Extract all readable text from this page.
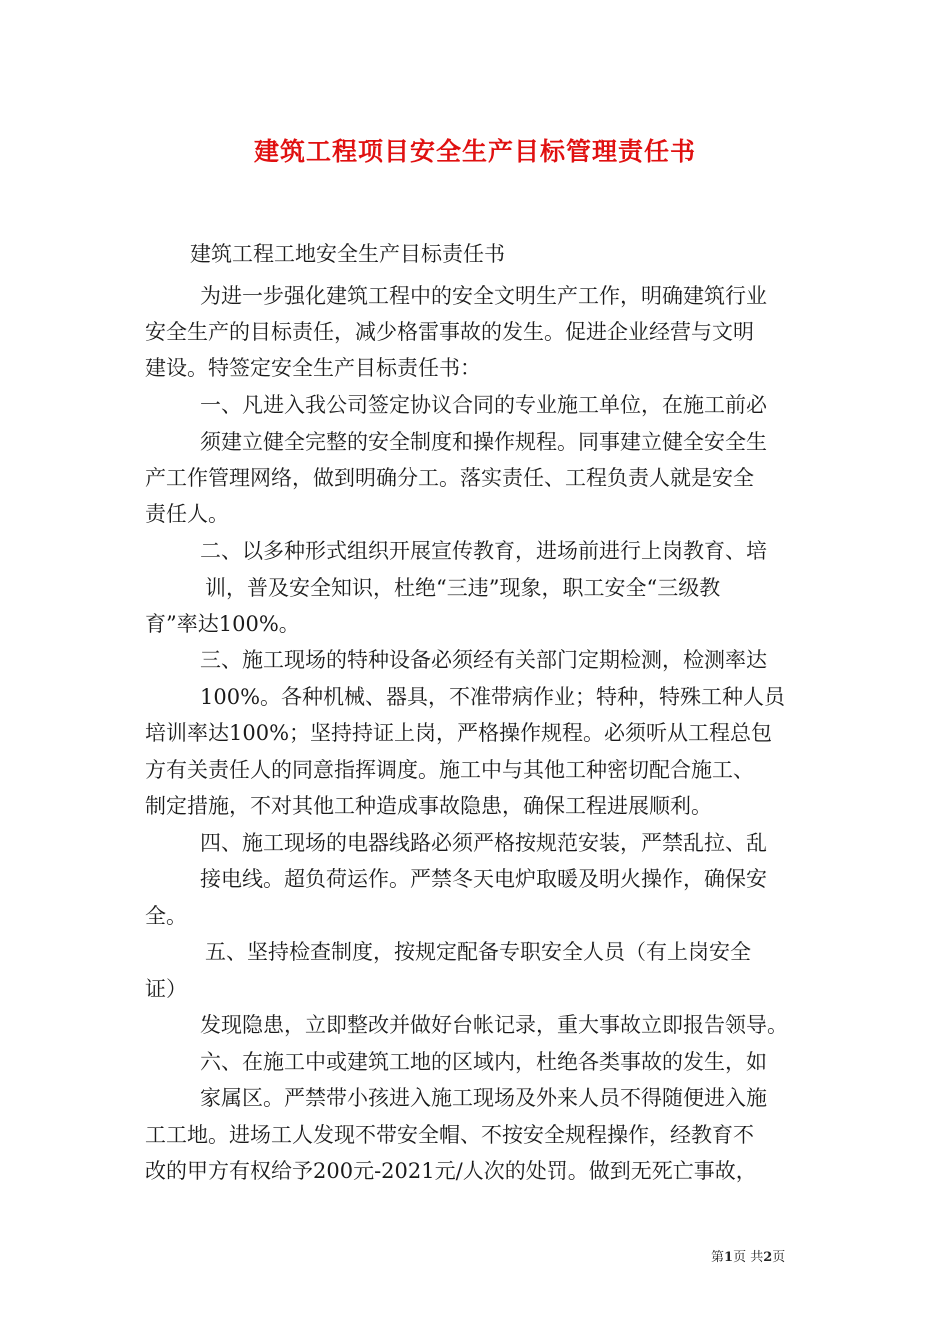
建筑工程项目安全生产目标管理责任书
建筑工程工地安全生产目标责任书
为进一步强化建筑工程中的安全文明生产工作，明确建筑行业
安全生产的目标责任，减少格雷事故的发生。促进企业经营与文明
建设。特签定安全生产目标责任书：
一、凡进入我公司签定协议合同的专业施工单位，在施工前必
须建立健全完整的安全制度和操作规程。同事建立健全安全生
产工作管理网络，做到明确分工。落实责任、工程负责人就是安全
责任人。
二、以多种形式组织开展宣传教育，进场前进行上岗教育、培
训，普及安全知识，杜绝“三违”现象，职工安全“三级教
育”率达100%。
三、施工现场的特种设备必须经有关部门定期检测，检测率达
100%。各种机械、器具，不准带病作业；特种，特殊工种人员
培训率达100%；坚持持证上岗，严格操作规程。必须听从工程总包
方有关责任人的同意指挥调度。施工中与其他工种密切配合施工、
制定措施，不对其他工种造成事故隐患，确保工程进展顺利。
四、施工现场的电器线路必须严格按规范安装，严禁乱拉、乱
接电线。超负荷运作。严禁冬天电炉取暖及明火操作，确保安
全。
五、坚持检查制度，按规定配备专职安全人员（有上岗安全
证）
发现隐患，立即整改并做好台帐记录，重大事故立即报告领导。
六、在施工中或建筑工地的区域内，杜绝各类事故的发生，如
家属区。严禁带小孩进入施工现场及外来人员不得随便进入施
工工地。进场工人发现不带安全帽、不按安全规程操作，经教育不
改的甲方有权给予200元-2021元/人次的处罚。做到无死亡事故，
第1页 共2页
